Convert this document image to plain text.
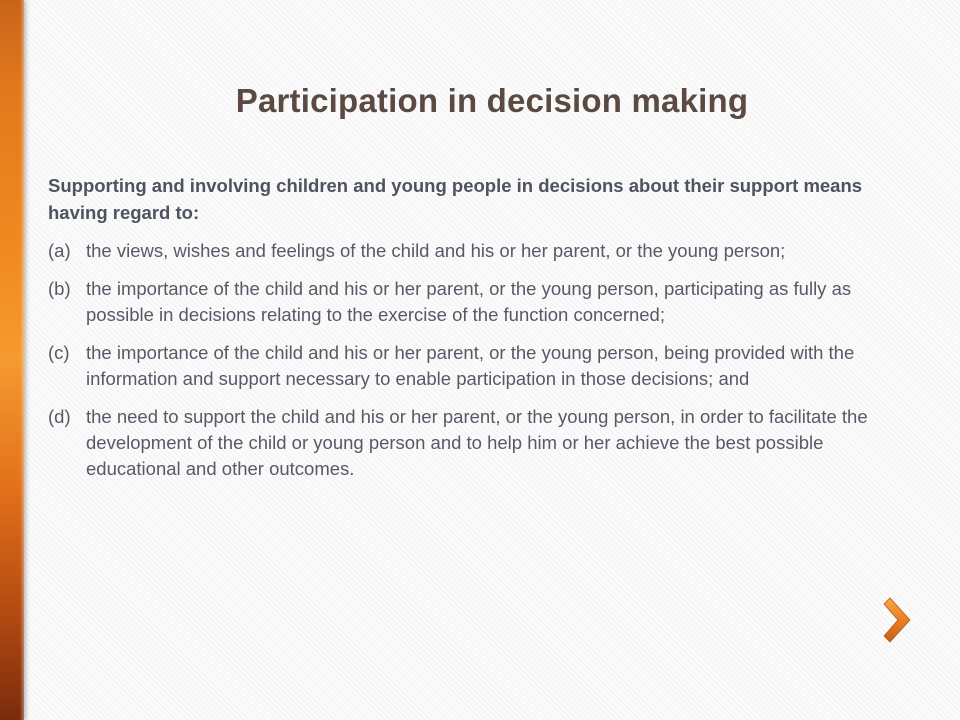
Participation in decision making

Supporting and involving children and young people in decisions about their support means having regard to:

(a) the views, wishes and feelings of the child and his or her parent, or the young person;
(b) the importance of the child and his or her parent, or the young person, participating as fully as possible in decisions relating to the exercise of the function concerned;
(c) the importance of the child and his or her parent, or the young person, being provided with the information and support necessary to enable participation in those decisions; and
(d) the need to support the child and his or her parent, or the young person, in order to facilitate the development of the child or young person and to help him or her achieve the best possible educational and other outcomes.
